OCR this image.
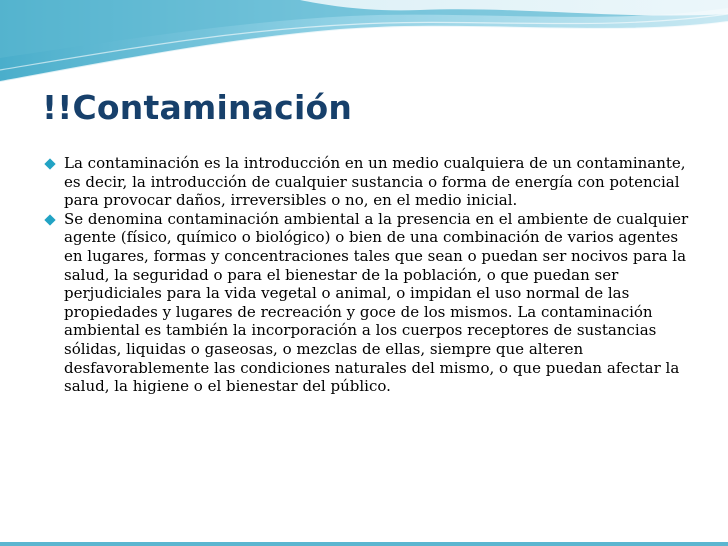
!!Contaminación
La contaminación es la introducción en un medio cualquiera de un contaminante, es decir, la introducción de cualquier sustancia o forma de energía con potencial para provocar daños, irreversibles o no, en el medio inicial.
Se denomina contaminación ambiental a la presencia en el ambiente de cualquier agente (físico, químico o biológico) o bien de una combinación de varios agentes en lugares, formas y concentraciones tales que sean o puedan ser nocivos para la salud, la seguridad o para el bienestar de la población, o que puedan ser perjudiciales para la vida vegetal o animal, o impidan el uso normal de las propiedades y lugares de recreación y goce de los mismos. La contaminación ambiental es también la incorporación a los cuerpos receptores de sustancias sólidas, liquidas o gaseosas, o mezclas de ellas, siempre que alteren desfavorablemente las condiciones naturales del mismo, o que puedan afectar la salud, la higiene o el bienestar del público.
